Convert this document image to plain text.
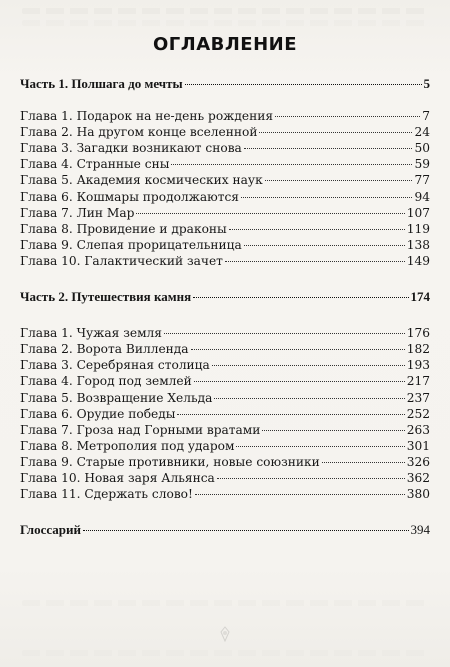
ОГЛАВЛЕНИЕ
Часть 1. Полшага до мечты	5
Глава 1. Подарок на не-день рождения	7
Глава 2. На другом конце вселенной	24
Глава 3. Загадки возникают снова	50
Глава 4. Странные сны	59
Глава 5. Академия космических наук	77
Глава 6. Кошмары продолжаются	94
Глава 7. Лин Мар	107
Глава 8. Провидение и драконы	119
Глава 9. Слепая прорицательница	138
Глава 10. Галактический зачет	149
Часть 2. Путешествия камня	174
Глава 1. Чужая земля	176
Глава 2. Ворота Вилленда	182
Глава 3. Серебряная столица	193
Глава 4. Город под землей	217
Глава 5. Возвращение Хельда	237
Глава 6. Орудие победы	252
Глава 7. Гроза над Горными вратами	263
Глава 8. Метрополия под ударом	301
Глава 9. Старые противники, новые союзники	326
Глава 10. Новая заря Альянса	362
Глава 11. Сдержать слово!	380
Глоссарий	394
